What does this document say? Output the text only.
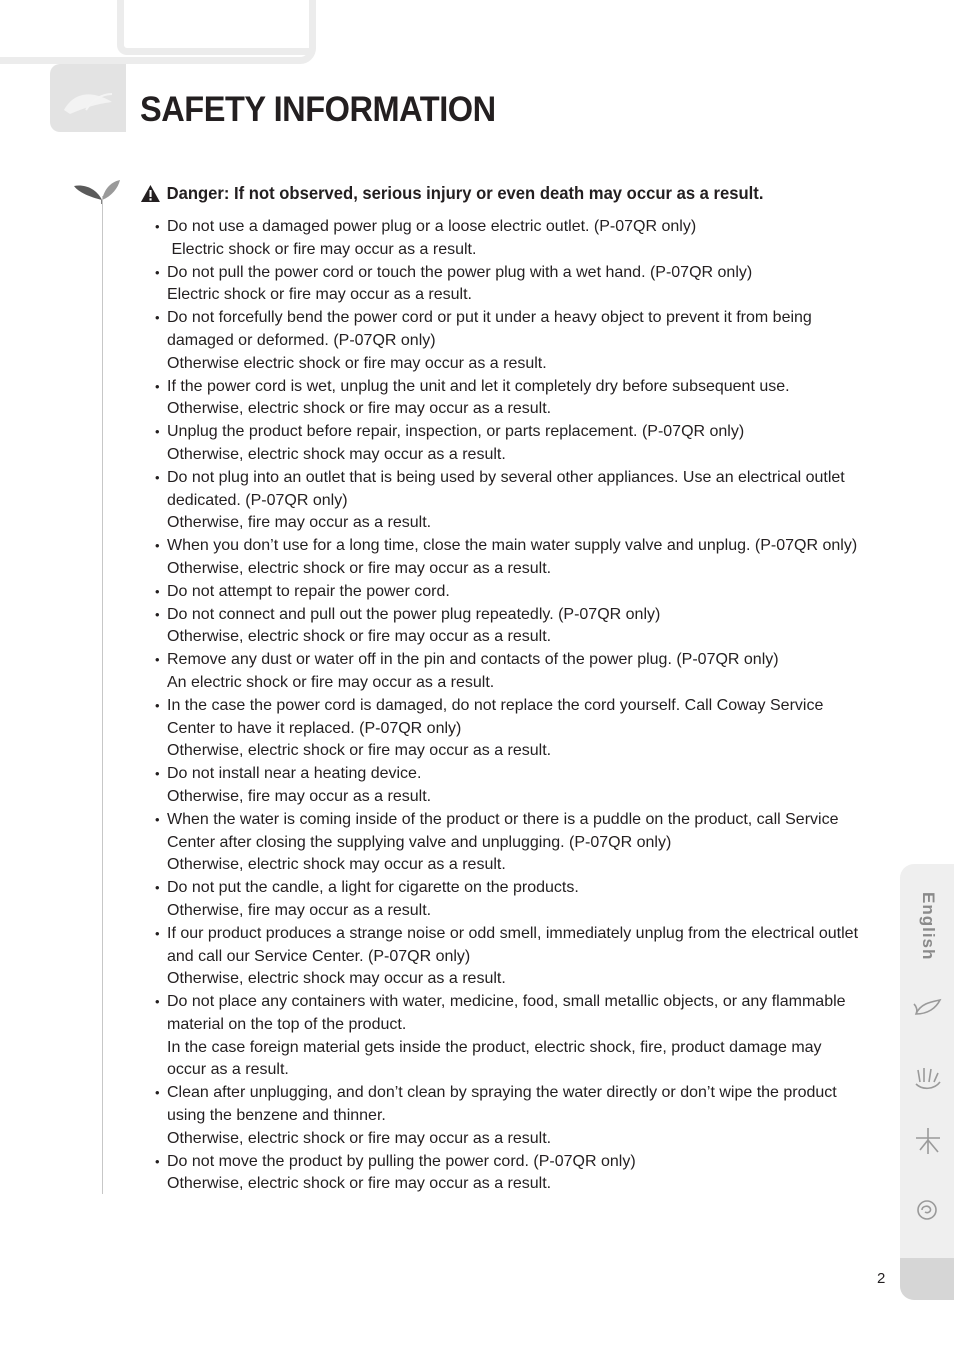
SAFETY INFORMATION
Danger: If not observed, serious injury or even death may occur as a result.
• Do not use a damaged power plug or a loose electric outlet. (P-07QR only)
Electric shock or fire may occur as a result.
• Do not pull the power cord or touch the power plug with a wet hand. (P-07QR only)
Electric shock or fire may occur as a result.
• Do not forcefully bend the power cord or put it under a heavy object to prevent it from being
damaged or deformed. (P-07QR only)
Otherwise electric shock or fire may occur as a result.
• If the power cord is wet, unplug the unit and let it completely dry before subsequent use.
Otherwise, electric shock or fire may occur as a result.
• Unplug the product before repair, inspection, or parts replacement. (P-07QR only)
Otherwise, electric shock may occur as a result.
• Do not plug into an outlet that is being used by several other appliances. Use an electrical outlet
dedicated. (P-07QR only)
Otherwise, fire may occur as a result.
• When you don’t use for a long time, close the main water supply valve and unplug. (P-07QR only)
Otherwise, electric shock or fire may occur as a result.
• Do not attempt to repair the power cord.
• Do not connect and pull out the power plug repeatedly. (P-07QR only)
Otherwise, electric shock or fire may occur as a result.
• Remove any dust or water off in the pin and contacts of the power plug. (P-07QR only)
An electric shock or fire may occur as a result.
• In the case the power cord is damaged, do not replace the cord yourself. Call Coway Service
Center to have it replaced. (P-07QR only)
Otherwise, electric shock or fire may occur as a result.
• Do not install near a heating device.
Otherwise, fire may occur as a result.
• When the water is coming inside of the product or there is a puddle on the product, call Service
Center after closing the supplying valve and unplugging. (P-07QR only)
Otherwise, electric shock may occur as a result.
• Do not put the candle, a light for cigarette on the products.
Otherwise, fire may occur as a result.
• If our product produces a strange noise or odd smell, immediately unplug from the electrical outlet
and call our Service Center. (P-07QR only)
Otherwise, electric shock may occur as a result.
• Do not place any containers with water, medicine, food, small metallic objects, or any flammable
material on the top of the product.
In the case foreign material gets inside the product, electric shock, fire, product damage may
occur as a result.
• Clean after unplugging, and don’t clean by spraying the water directly or don’t wipe the product
using the benzene and thinner.
Otherwise, electric shock or fire may occur as a result.
• Do not move the product by pulling the power cord. (P-07QR only)
Otherwise, electric shock or fire may occur as a result.
English
2
